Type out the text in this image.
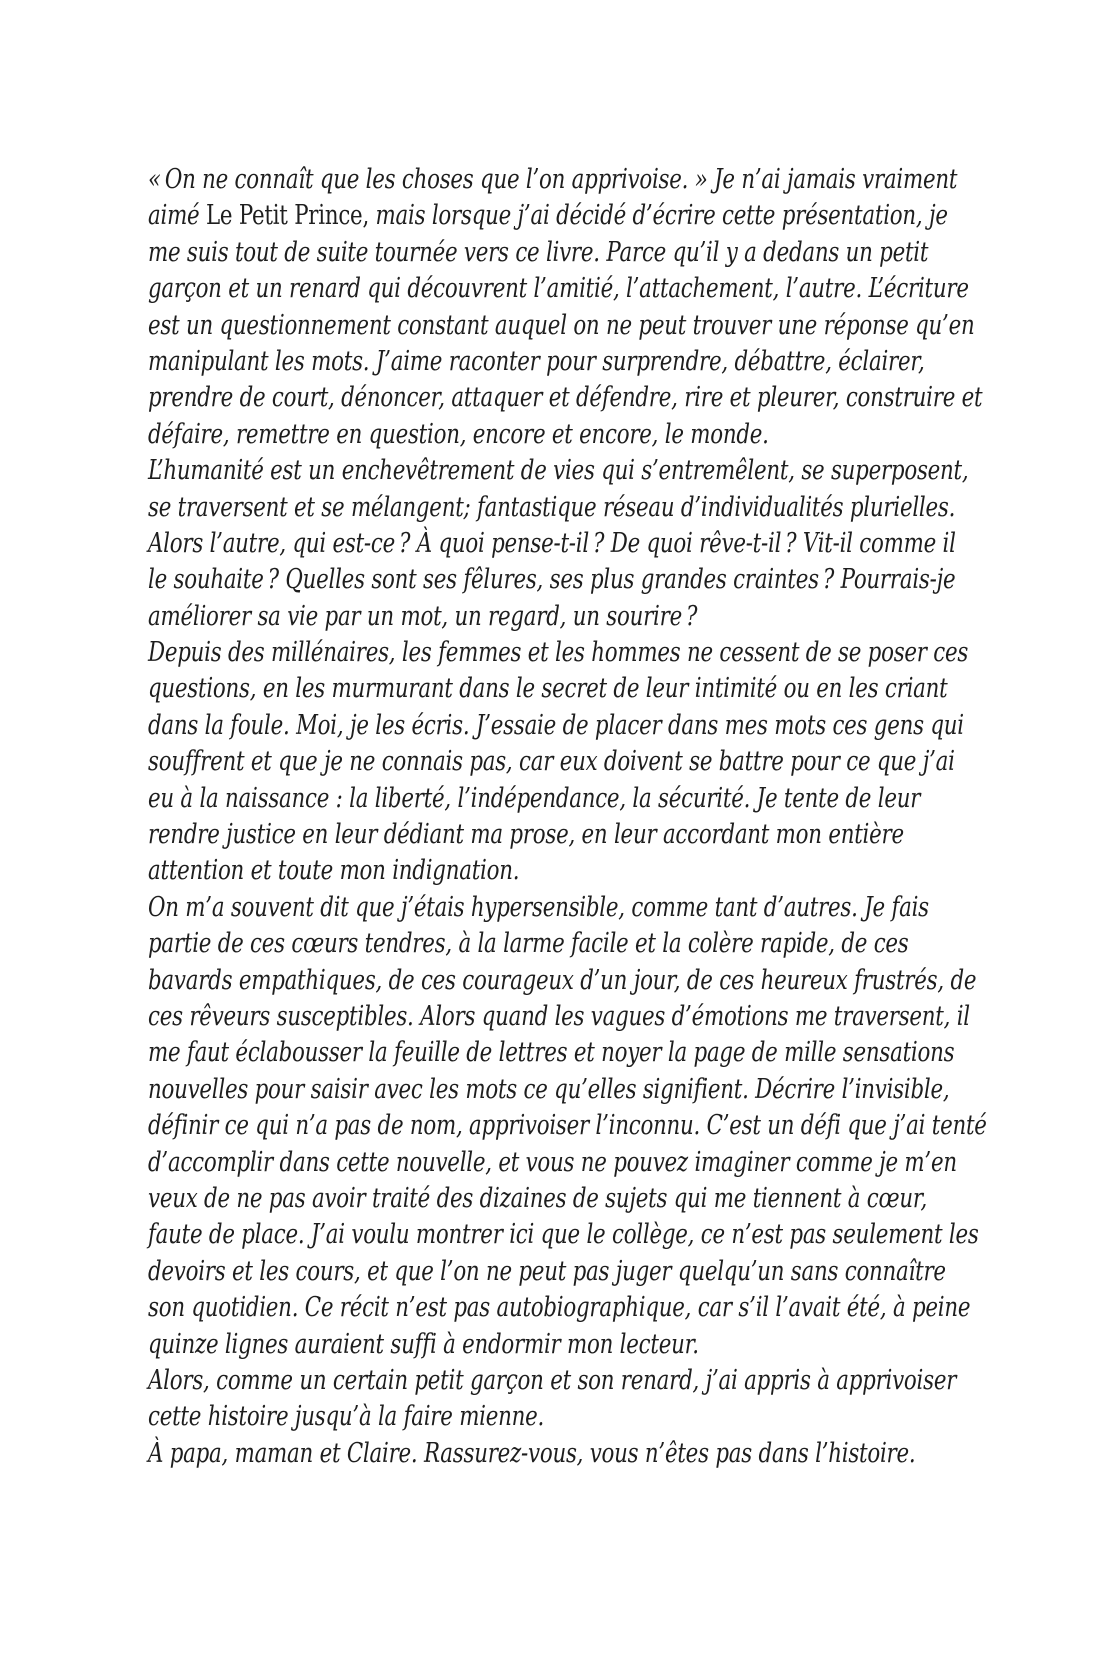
« On ne connaît que les choses que l’on apprivoise. » Je n’ai jamais vraiment
aimé Le Petit Prince, mais lorsque j’ai décidé d’écrire cette présentation, je
me suis tout de suite tournée vers ce livre. Parce qu’il y a dedans un petit
garçon et un renard qui découvrent l’amitié, l’attachement, l’autre. L’écriture
est un questionnement constant auquel on ne peut trouver une réponse qu’en
manipulant les mots. J’aime raconter pour surprendre, débattre, éclairer,
prendre de court, dénoncer, attaquer et défendre, rire et pleurer, construire et
défaire, remettre en question, encore et encore, le monde.
L’humanité est un enchevêtrement de vies qui s’entremêlent, se superposent,
se traversent et se mélangent; fantastique réseau d’individualités plurielles.
Alors l’autre, qui est-ce ? À quoi pense-t-il ? De quoi rêve-t-il ? Vit-il comme il
le souhaite ? Quelles sont ses fêlures, ses plus grandes craintes ? Pourrais-je
améliorer sa vie par un mot, un regard, un sourire ?
Depuis des millénaires, les femmes et les hommes ne cessent de se poser ces
questions, en les murmurant dans le secret de leur intimité ou en les criant
dans la foule. Moi, je les écris. J’essaie de placer dans mes mots ces gens qui
souffrent et que je ne connais pas, car eux doivent se battre pour ce que j’ai
eu à la naissance : la liberté, l’indépendance, la sécurité. Je tente de leur
rendre justice en leur dédiant ma prose, en leur accordant mon entière
attention et toute mon indignation.
On m’a souvent dit que j’étais hypersensible, comme tant d’autres. Je fais
partie de ces cœurs tendres, à la larme facile et la colère rapide, de ces
bavards empathiques, de ces courageux d’un jour, de ces heureux frustrés, de
ces rêveurs susceptibles. Alors quand les vagues d’émotions me traversent, il
me faut éclabousser la feuille de lettres et noyer la page de mille sensations
nouvelles pour saisir avec les mots ce qu’elles signifient. Décrire l’invisible,
définir ce qui n’a pas de nom, apprivoiser l’inconnu. C’est un défi que j’ai tenté
d’accomplir dans cette nouvelle, et vous ne pouvez imaginer comme je m’en
veux de ne pas avoir traité des dizaines de sujets qui me tiennent à cœur,
faute de place. J’ai voulu montrer ici que le collège, ce n’est pas seulement les
devoirs et les cours, et que l’on ne peut pas juger quelqu’un sans connaître
son quotidien. Ce récit n’est pas autobiographique, car s’il l’avait été, à peine
quinze lignes auraient suffi à endormir mon lecteur.
Alors, comme un certain petit garçon et son renard, j’ai appris à apprivoiser
cette histoire jusqu’à la faire mienne.
À papa, maman et Claire. Rassurez-vous, vous n’êtes pas dans l’histoire.
